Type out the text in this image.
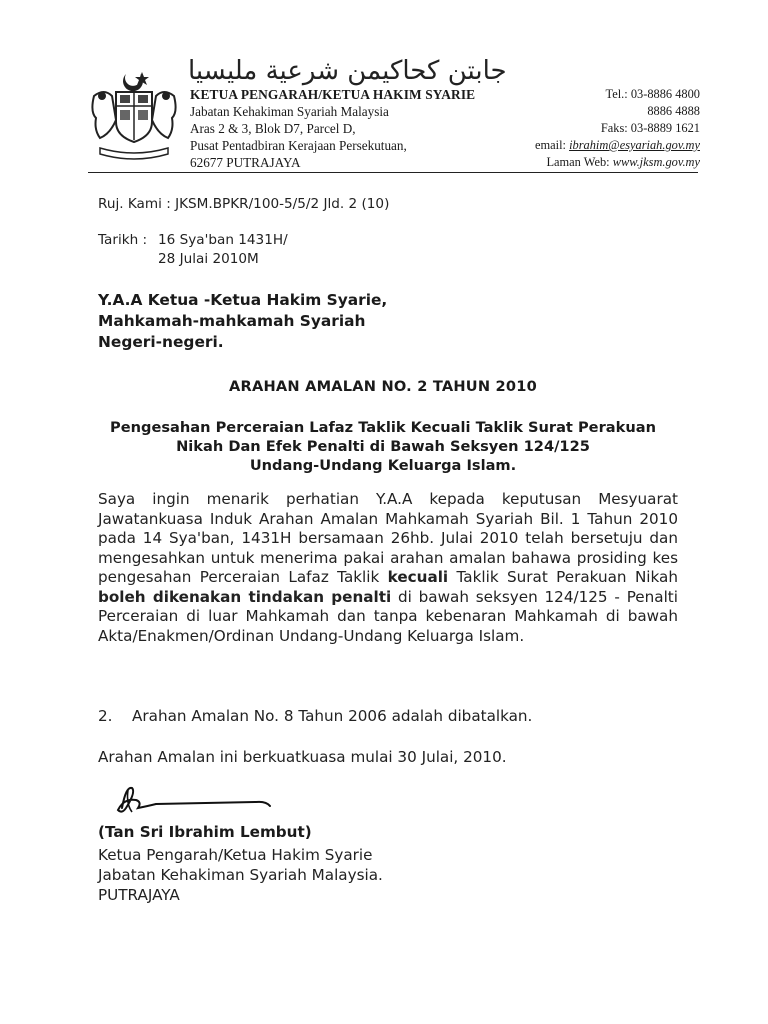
جابتن كحاكيمن شرعية مليسيا
KETUA PENGARAH/KETUA HAKIM SYARIE
Jabatan Kehakiman Syariah Malaysia
Aras 2 & 3, Blok D7, Parcel D,
Pusat Pentadbiran Kerajaan Persekutuan,
62677 PUTRAJAYA
Tel.: 03-8886 4800
8886 4888
Faks: 03-8889 1621
email: ibrahim@esyariah.gov.my
Laman Web: www.jksm.gov.my
Ruj. Kami : JKSM.BPKR/100-5/5/2 Jld. 2 (10)
Tarikh : 16 Sya'ban 1431H/
28 Julai 2010M
Y.A.A Ketua -Ketua Hakim Syarie,
Mahkamah-mahkamah Syariah
Negeri-negeri.
ARAHAN AMALAN NO. 2 TAHUN 2010
Pengesahan Perceraian Lafaz Taklik Kecuali Taklik Surat Perakuan
Nikah Dan Efek Penalti di Bawah Seksyen 124/125
Undang-Undang Keluarga Islam.
Saya ingin menarik perhatian Y.A.A kepada keputusan Mesyuarat Jawatankuasa Induk Arahan Amalan Mahkamah Syariah Bil. 1 Tahun 2010 pada 14 Sya'ban, 1431H bersamaan 26hb. Julai 2010 telah bersetuju dan mengesahkan untuk menerima pakai arahan amalan bahawa prosiding kes pengesahan Perceraian Lafaz Taklik kecuali Taklik Surat Perakuan Nikah boleh dikenakan tindakan penalti di bawah seksyen 124/125 - Penalti Perceraian di luar Mahkamah dan tanpa kebenaran Mahkamah di bawah Akta/Enakmen/Ordinan Undang-Undang Keluarga Islam.
2. Arahan Amalan No. 8 Tahun 2006 adalah dibatalkan.
Arahan Amalan ini berkuatkuasa mulai 30 Julai, 2010.
(Tan Sri Ibrahim Lembut)
Ketua Pengarah/Ketua Hakim Syarie
Jabatan Kehakiman Syariah Malaysia.
PUTRAJAYA
